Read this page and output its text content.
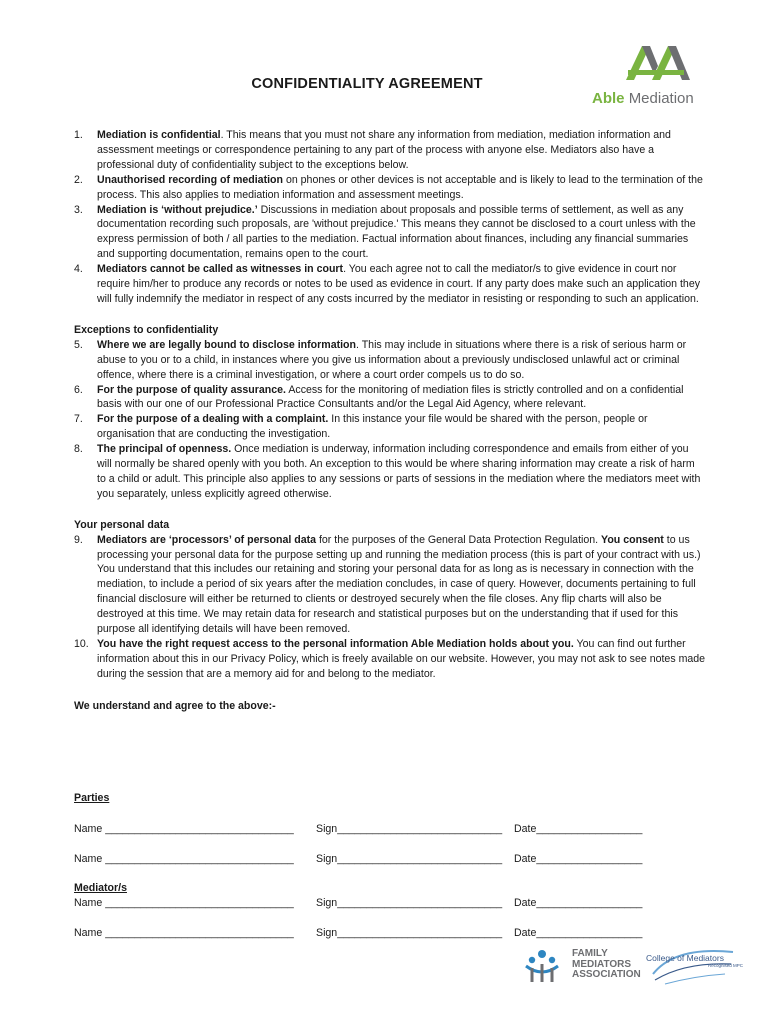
CONFIDENTIALITY AGREEMENT
Able Mediation
1. Mediation is confidential. This means that you must not share any information from mediation, mediation information and assessment meetings or correspondence pertaining to any part of the process with anyone else. Mediators also have a professional duty of confidentiality subject to the exceptions below.
2. Unauthorised recording of mediation on phones or other devices is not acceptable and is likely to lead to the termination of the process. This also applies to mediation information and assessment meetings.
3. Mediation is ‘without prejudice.’ Discussions in mediation about proposals and possible terms of settlement, as well as any documentation recording such proposals, are 'without prejudice.' This means they cannot be disclosed to a court unless with the express permission of both / all parties to the mediation. Factual information about finances, including any financial summaries and supporting documentation, remains open to the court.
4. Mediators cannot be called as witnesses in court. You each agree not to call the mediator/s to give evidence in court nor require him/her to produce any records or notes to be used as evidence in court. If any party does make such an application they will fully indemnify the mediator in respect of any costs incurred by the mediator in resisting or responding to such an application.
Exceptions to confidentiality
5. Where we are legally bound to disclose information. This may include in situations where there is a risk of serious harm or abuse to you or to a child, in instances where you give us information about a previously undisclosed unlawful act or criminal offence, where there is a criminal investigation, or where a court order compels us to do so.
6. For the purpose of quality assurance. Access for the monitoring of mediation files is strictly controlled and on a confidential basis with our one of our Professional Practice Consultants and/or the Legal Aid Agency, where relevant.
7. For the purpose of a dealing with a complaint. In this instance your file would be shared with the person, people or organisation that are conducting the investigation.
8. The principal of openness. Once mediation is underway, information including correspondence and emails from either of you will normally be shared openly with you both. An exception to this would be where sharing information may create a risk of harm to a child or adult. This principle also applies to any sessions or parts of sessions in the mediation where the mediators meet with you separately, unless explicitly agreed otherwise.
Your personal data
9. Mediators are ‘processors’ of personal data for the purposes of the General Data Protection Regulation. You consent to us processing your personal data for the purpose setting up and running the mediation process (this is part of your contract with us.) You understand that this includes our retaining and storing your personal data for as long as is necessary in connection with the mediation, to include a period of six years after the mediation concludes, in case of query. However, documents pertaining to full financial disclosure will either be returned to clients or destroyed securely when the file closes. Any flip charts will also be destroyed at this time. We may retain data for research and statistical purposes but on the understanding that if used for this purpose all identifying details will have been removed.
10. You have the right request access to the personal information Able Mediation holds about you. You can find out further information about this in our Privacy Policy, which is freely available on our website. However, you may not ask to see notes made during the session that are a memory aid for and belong to the mediator.
We understand and agree to the above:-
Parties
Name ________________________________ Sign____________________________ Date__________________
Name ________________________________ Sign____________________________ Date__________________
Mediator/s
Name ________________________________ Sign____________________________ Date__________________
Name ________________________________ Sign____________________________ Date__________________
FAMILY
MEDIATORS
ASSOCIATION
College of Mediators
Recognised MPC
